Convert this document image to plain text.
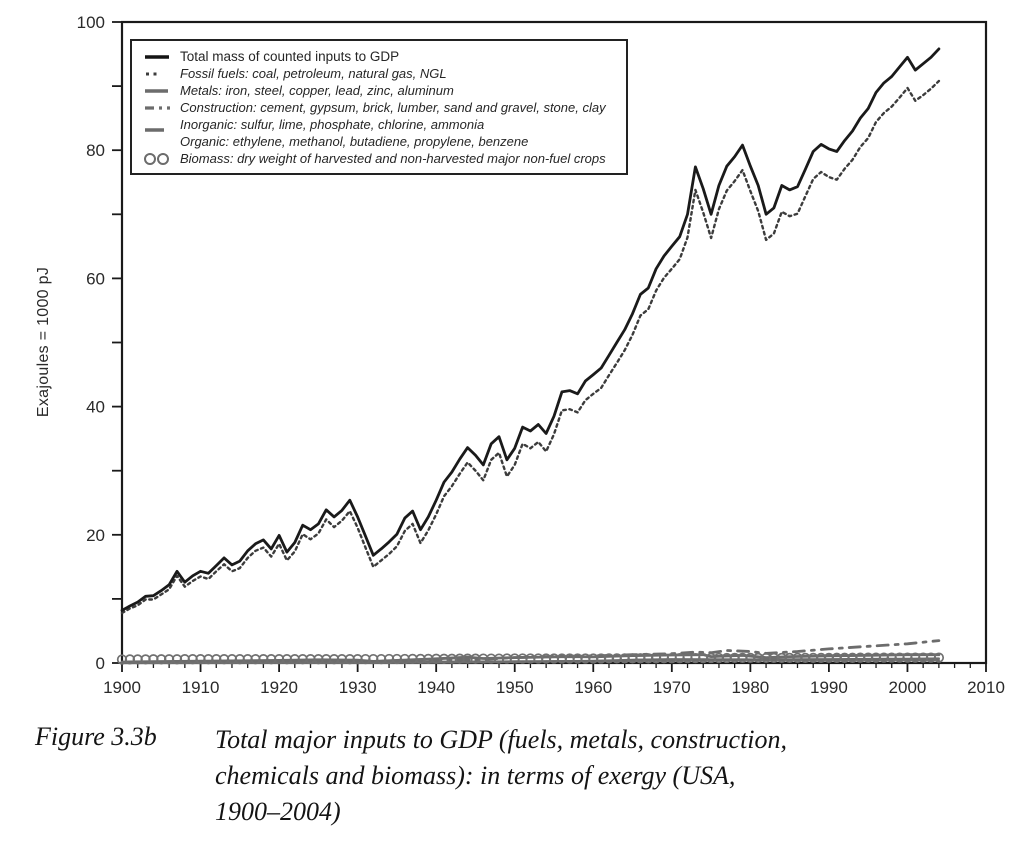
1900 1910 1920 1930 1940 1950 1960 1970 1980 1990 2000 2010
0
20
40
60
80
100
Exajoules = 1000 pJ
Total mass of counted inputs to GDP
Fossil fuels: coal, petroleum, natural gas, NGL
Metals: iron, steel, copper, lead, zinc, aluminum
Construction: cement, gypsum, brick, lumber, sand and gravel, stone, clay
Inorganic: sulfur, lime, phosphate, chlorine, ammonia
Organic: ethylene, methanol, butadiene, propylene, benzene
Biomass: dry weight of harvested and non-harvested major non-fuel crops
Figure 3.3b	Total major inputs to GDP (fuels, metals, construction,
chemicals and biomass): in terms of exergy (USA,
1900–2004)
